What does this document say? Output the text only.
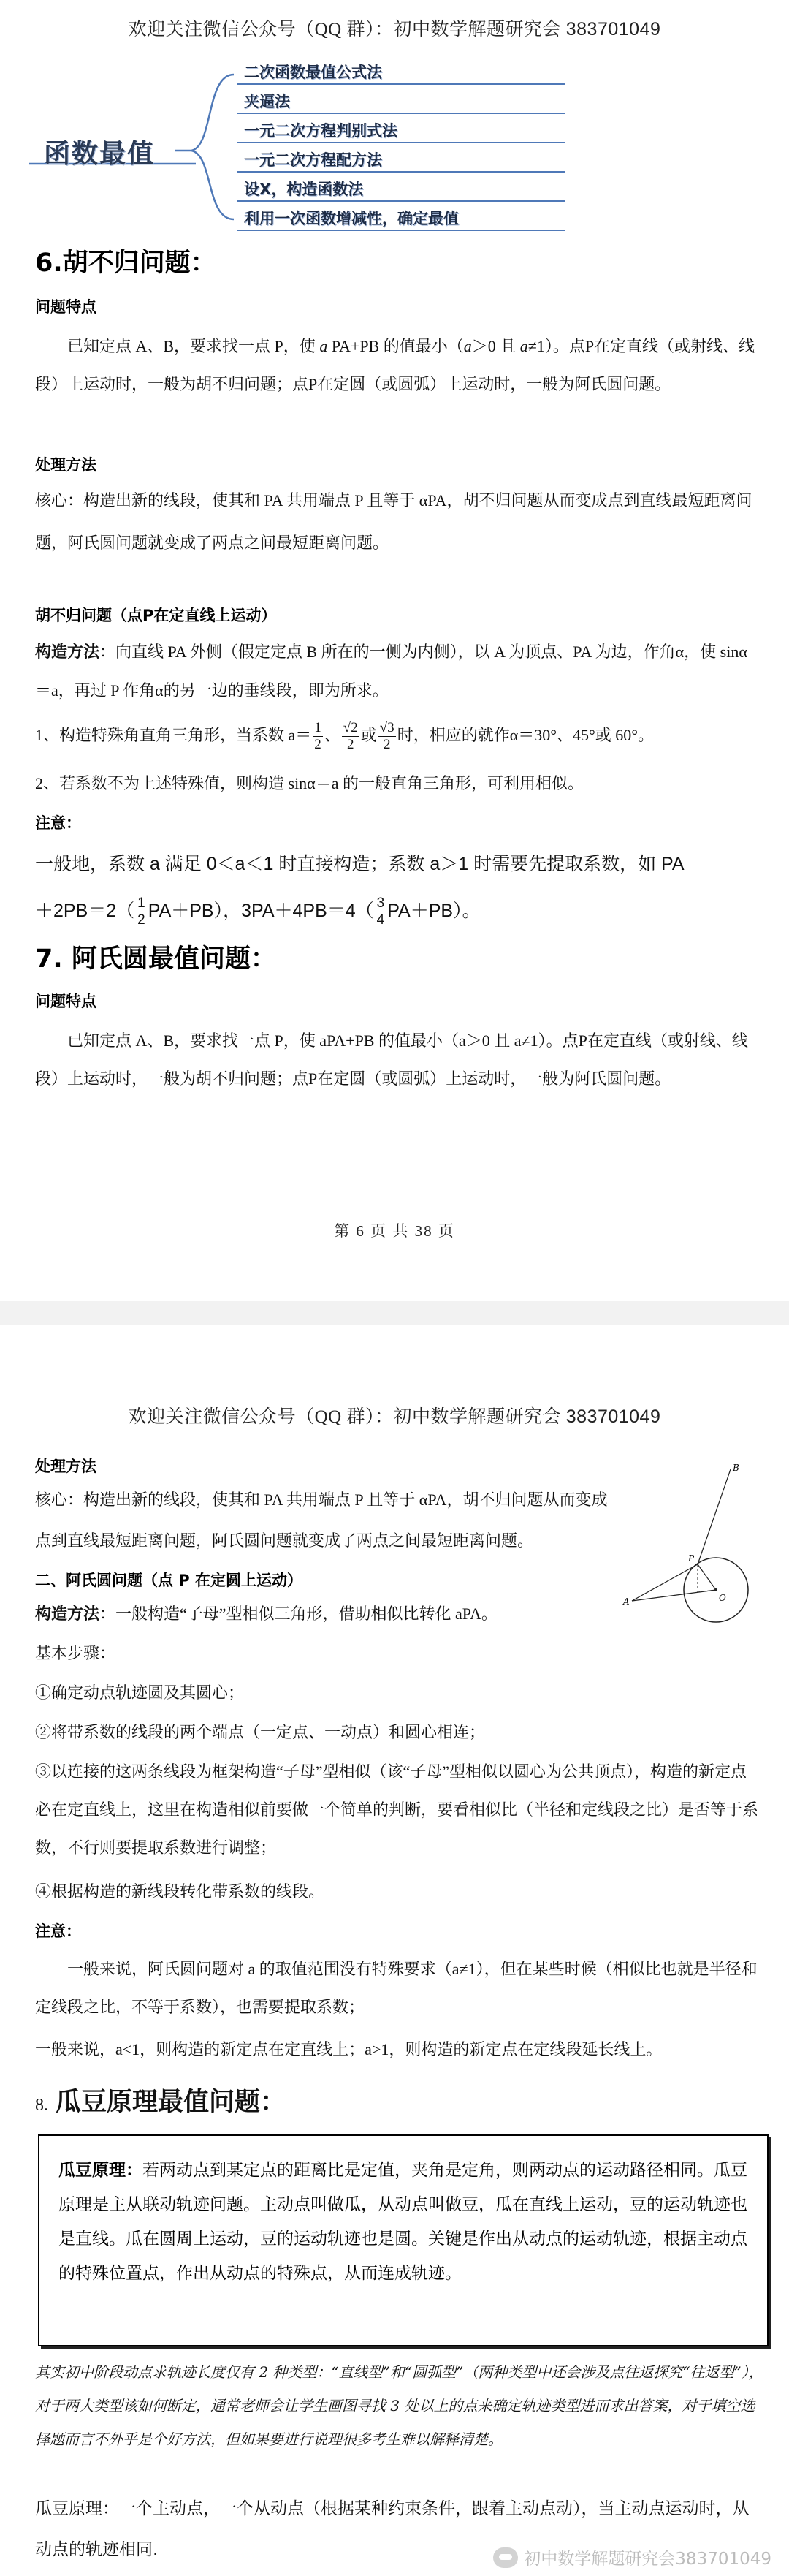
欢迎关注微信公众号（QQ 群）：初中数学解题研究会 383701049
函数最值
二次函数最值公式法
夹逼法
一元二次方程判别式法
一元二次方程配方法
设X，构造函数法
利用一次函数增减性，确定最值
6.胡不归问题：
问题特点

已知定点 A、B，要求找一点 P，使 a PA+PB 的值最小（a＞0 且 a≠1）。点P在定直线（或射线、线段）上运动时，一般为胡不归问题；点P在定圆（或圆弧）上运动时，一般为阿氏圆问题。

处理方法

核心：构造出新的线段，使其和 PA 共用端点 P 且等于 αPA，胡不归问题从而变成点到直线最短距离问题，阿氏圆问题就变成了两点之间最短距离问题。

胡不归问题（点P在定直线上运动）

构造方法：向直线 PA 外侧（假定定点 B 所在的一侧为内侧），以 A 为顶点、PA 为边，作角α，使 sinα＝a，再过 P 作角α的另一边的垂线段，即为所求。

1、构造特殊角直角三角形，当系数 $a= \frac{1}{2}$ 、 $\frac{√2}{2}$ 或 $\frac{√3}{2}$ 时，相应的就作α＝30°、45°或 60°。

2、若系数不为上述特殊值，则构造 sinα＝a 的一般直角三角形，可利用相似。

注意：

一般地，系数 a 满足 0＜a＜1 时直接构造；系数 a＞1 时需要先提取系数，如 PA
$+2PB=2( \frac{1}{2} PA+PB)$，$3PA+4PB=4( \frac{3}{4} PA+PB)$。

7. 阿氏圆最值问题：
问题特点

已知定点 A、B，要求找一点 P，使 aPA+PB 的值最小（a＞0 且 a≠1）。点P在定直线（或射线、线段）上运动时，一般为胡不归问题；点P在定圆（或圆弧）上运动时，一般为阿氏圆问题。

第 6 页 共 38 页
欢迎关注微信公众号（QQ 群）：初中数学解题研究会 383701049
处理方法

核心：构造出新的线段，使其和 PA 共用端点 P 且等于 αPA，胡不归问题从而变成点到直线最短距离问题，阿氏圆问题就变成了两点之间最短距离问题。

A
B
P
O
二、阿氏圆问题（点 P 在定圆上运动）

构造方法：一般构造“子母”型相似三角形，借助相似比转化 aPA。

基本步骤：

①确定动点轨迹圆及其圆心；

②将带系数的线段的两个端点（一定点、一动点）和圆心相连；

③以连接的这两条线段为框架构造“子母”型相似（该“子母”型相似以圆心为公共顶点），构造的新定点必在定直线上，这里在构造相似前要做一个简单的判断，要看相似比（半径和定线段之比）是否等于系数，不行则要提取系数进行调整；

④根据构造的新线段转化带系数的线段。

注意：

一般来说，阿氏圆问题对 a 的取值范围没有特殊要求（a≠1），但在某些时候（相似比也就是半径和定线段之比，不等于系数），也需要提取系数；

一般来说，a<1，则构造的新定点在定直线上；a>1，则构造的新定点在定线段延长线上。

8. 瓜豆原理最值问题：
瓜豆原理：若两动点到某定点的距离比是定值，夹角是定角，则两动点的运动路径相同。瓜豆原理是主从联动轨迹问题。主动点叫做瓜，从动点叫做豆，瓜在直线上运动，豆的运动轨迹也是直线。瓜在圆周上运动，豆的运动轨迹也是圆。关键是作出从动点的运动轨迹，根据主动点的特殊位置点，作出从动点的特殊点，从而连成轨迹。
其实初中阶段动点求轨迹长度仅有 2 种类型：“直线型”和“圆弧型”（两种类型中还会涉及点往返探究“往返型”），对于两大类型该如何断定，通常老师会让学生画图寻找 3 处以上的点来确定轨迹类型进而求出答案，对于填空选择题而言不外乎是个好方法，但如果要进行说理很多考生难以解释清楚。
瓜豆原理：一个主动点，一个从动点（根据某种约束条件，跟着主动点动），当主动点运动时，从动点的轨迹相同.	初中数学解题研究会383701049
